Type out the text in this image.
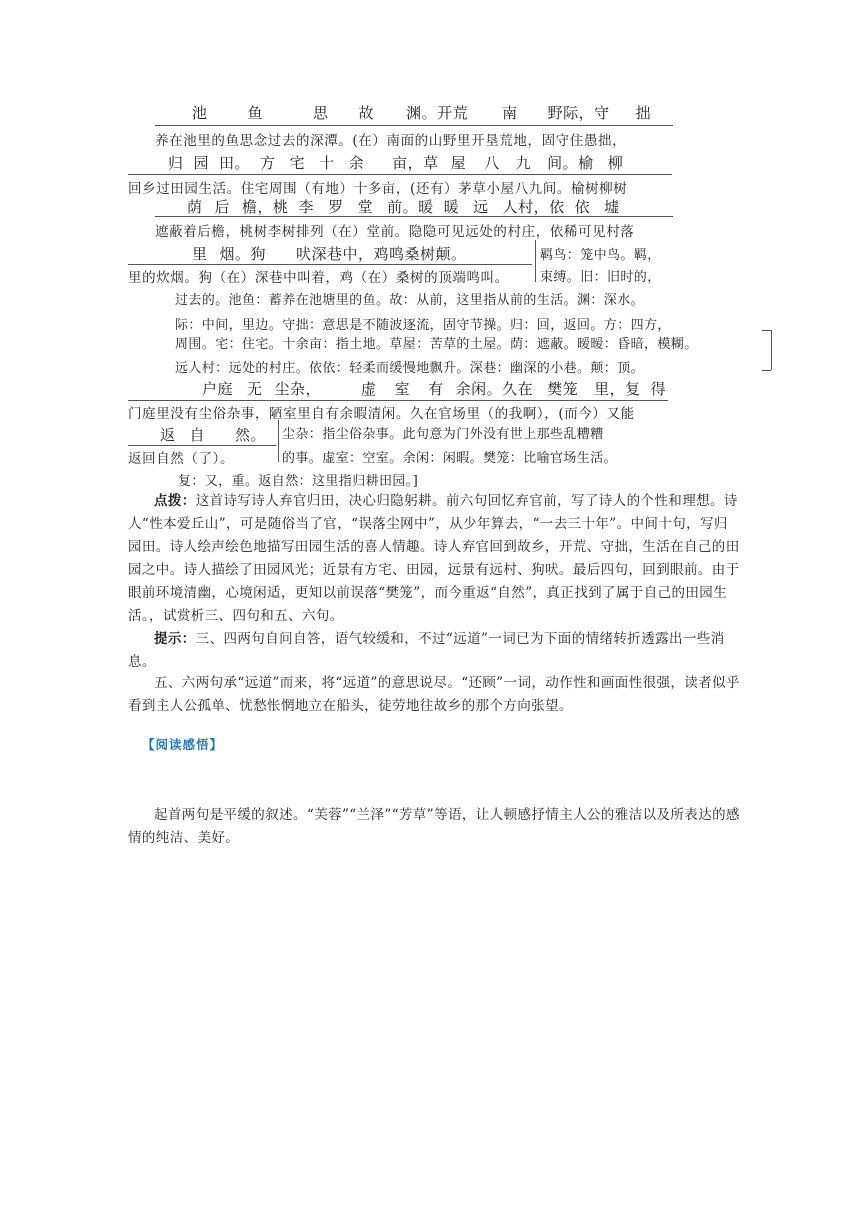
池	鱼	思 故 渊。开荒 南 野际，守 拙
养在池里的鱼思念过去的深潭。(在）南面的山野里开垦荒地，固守住愚拙，
归 园 田。 方 宅 十 余 亩，草 屋 八 九 间。榆 柳
回乡过田园生活。住宅周围（有地）十多亩，(还有）茅草小屋八九间。榆树柳树
荫 后 檐，桃 李 罗 堂 前。暖 暖 远 人村，依 依 墟
遮蔽着后檐，桃树李树排列（在）堂前。隐隐可见远处的村庄，依稀可见村落
里 烟。狗 吠深巷中，鸡鸣桑树颠。
里的炊烟。狗（在）深巷中叫着，鸡（在）桑树的顶端鸣叫。
羁鸟：笼中鸟。羁，
束缚。旧：旧时的，
过去的。池鱼：蓄养在池塘里的鱼。故：从前，这里指从前的生活。渊：深水。
际：中间，里边。守拙：意思是不随波逐流，固守节操。归：回，返回。方：四方，
周围。宅：住宅。十余亩：指土地。草屋：苦草的土屋。荫：遮蔽。暧暧：昏暗，模糊。
远人村：远处的村庄。依依：轻柔而缓慢地飘升。深巷：幽深的小巷。颠：顶。
户庭 无 尘杂，	虚 室 有 余闲。久在 樊笼 里，复 得
门庭里没有尘俗杂事，陋室里自有余暇清闲。久在官场里（的我啊），(而今）又能
返 自 然。
返回自然（了）。
尘杂：指尘俗杂事。此句意为门外没有世上那些乱糟糟
的事。虚室：空室。余闲：闲暇。樊笼：比喻官场生活。
复：又，重。返自然：这里指归耕田园。]
点拨：这首诗写诗人弃官归田，决心归隐躬耕。前六句回忆弃官前，写了诗人的个性和理想。诗人“性本爱丘山”，可是随俗当了官，“误落尘网中”，从少年算去，“一去三十年”。中间十句，写归园田。诗人绘声绘色地描写田园生活的喜人情趣。诗人弃官回到故乡，开荒、守拙，生活在自己的田园之中。诗人描绘了田园风光；近景有方宅、田园，远景有远村、狗吠。最后四句，回到眼前。由于眼前环境清幽，心境闲适，更知以前误落“樊笼”，而今重返“自然”，真正找到了属于自己的田园生活。，试赏析三、四句和五、六句。
提示：三、四两句自问自答，语气较缓和，不过“远道”一词已为下面的情绪转折透露出一些消息。
五、六两句承“远道”而来，将“远道”的意思说尽。“还顾”一词，动作性和画面性很强，读者似乎看到主人公孤单、忧愁怅惘地立在船头，徒劳地往故乡的那个方向张望。
【阅读感悟】
起首两句是平缓的叙述。“芙蓉”“兰泽”“芳草”等语，让人顿感抒情主人公的雅洁以及所表达的感情的纯洁、美好。
